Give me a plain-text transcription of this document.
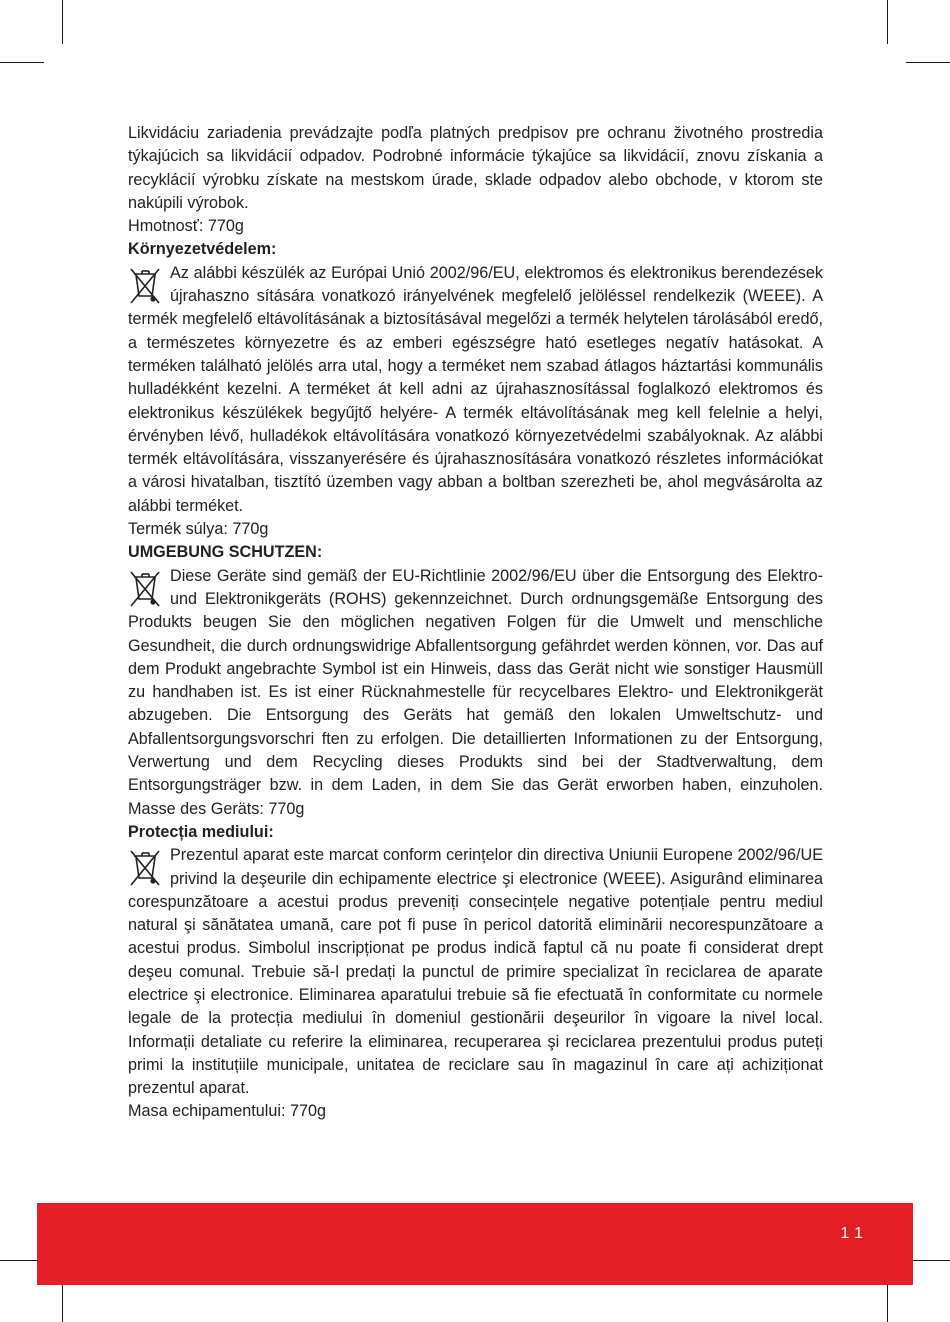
Likvidáciu zariadenia prevádzajte podľa platných predpisov pre ochranu životného prostredia týkajúcich sa likvidácií odpadov. Podrobné informácie týkajúce sa likvidácií, znovu získania a recyklácií výrobku získate na mestskom úrade, sklade odpadov alebo obchode, v ktorom ste nakúpili výrobok.

Hmotnosť: 770g

Környezetvédelem:

Az alábbi készülék az Európai Unió 2002/96/EU, elektromos és elektronikus berendezések újrahaszno sítására vonatkozó irányelvének megfelelő jelöléssel rendelkezik (WEEE). A termék megfelelő eltávolításának a biztosításával megelőzi a termék helytelen tárolásából eredő, a természetes környezetre és az emberi egészségre ható esetleges negatív hatásokat. A terméken található jelölés arra utal, hogy a terméket nem szabad átlagos háztartási kommunális hulladékként kezelni. A terméket át kell adni az újrahasznosítással foglalkozó elektromos és elektronikus készülékek begyűjtő helyére- A termék eltávolításának meg kell felelnie a helyi, érvényben lévő, hulladékok eltávolítására vonatkozó környezetvédelmi szabályoknak. Az alábbi termék eltávolítására, visszanyerésére és újrahasznosítására vonatkozó részletes információkat a városi hivatalban, tisztító üzemben vagy abban a boltban szerezheti be, ahol megvásárolta az alábbi terméket.

Termék súlya: 770g

UMGEBUNG SCHUTZEN:

Diese Geräte sind gemäß der EU-Richtlinie 2002/96/EU über die Entsorgung des Elektro- und Elektronikgeräts (ROHS) gekennzeichnet. Durch ordnungsgemäße Entsorgung des Produkts beugen Sie den möglichen negativen Folgen für die Umwelt und menschliche Gesundheit, die durch ordnungswidrige Abfallentsorgung gefährdet werden können, vor. Das auf dem Produkt angebrachte Symbol ist ein Hinweis, dass das Gerät nicht wie sonstiger Hausmüll zu handhaben ist. Es ist einer Rücknahmestelle für recycelbares Elektro- und Elektronikgerät abzugeben. Die Entsorgung des Geräts hat gemäß den lokalen Umweltschutz- und Abfallentsorgungsvorschri ften zu erfolgen. Die detaillierten Informationen zu der Entsorgung, Verwertung und dem Recycling dieses Produkts sind bei der Stadtverwaltung, dem Entsorgungsträger bzw. in dem Laden, in dem Sie das Gerät erworben haben, einzuholen. Masse des Geräts: 770g

Protecția mediului:

Prezentul aparat este marcat conform cerințelor din directiva Uniunii Europene 2002/96/UE privind la deşeurile din echipamente electrice şi electronice (WEEE). Asigurând eliminarea corespunzătoare a acestui produs preveniți consecințele negative potențiale pentru mediul natural şi sănătatea umană, care pot fi puse în pericol datorită eliminării necorespunzătoare a acestui produs. Simbolul inscripționat pe produs indică faptul că nu poate fi considerat drept deşeu comunal. Trebuie să-l predați la punctul de primire specializat în reciclarea de aparate electrice şi electronice. Eliminarea aparatului trebuie să fie efectuată în conformitate cu normele legale de la protecția mediului în domeniul gestionării deşeurilor în vigoare la nivel local. Informații detaliate cu referire la eliminarea, recuperarea şi reciclarea prezentului produs puteți primi la instituțiile municipale, unitatea de reciclare sau în magazinul în care ați achiziționat prezentul aparat.

Masa echipamentului: 770g

11
